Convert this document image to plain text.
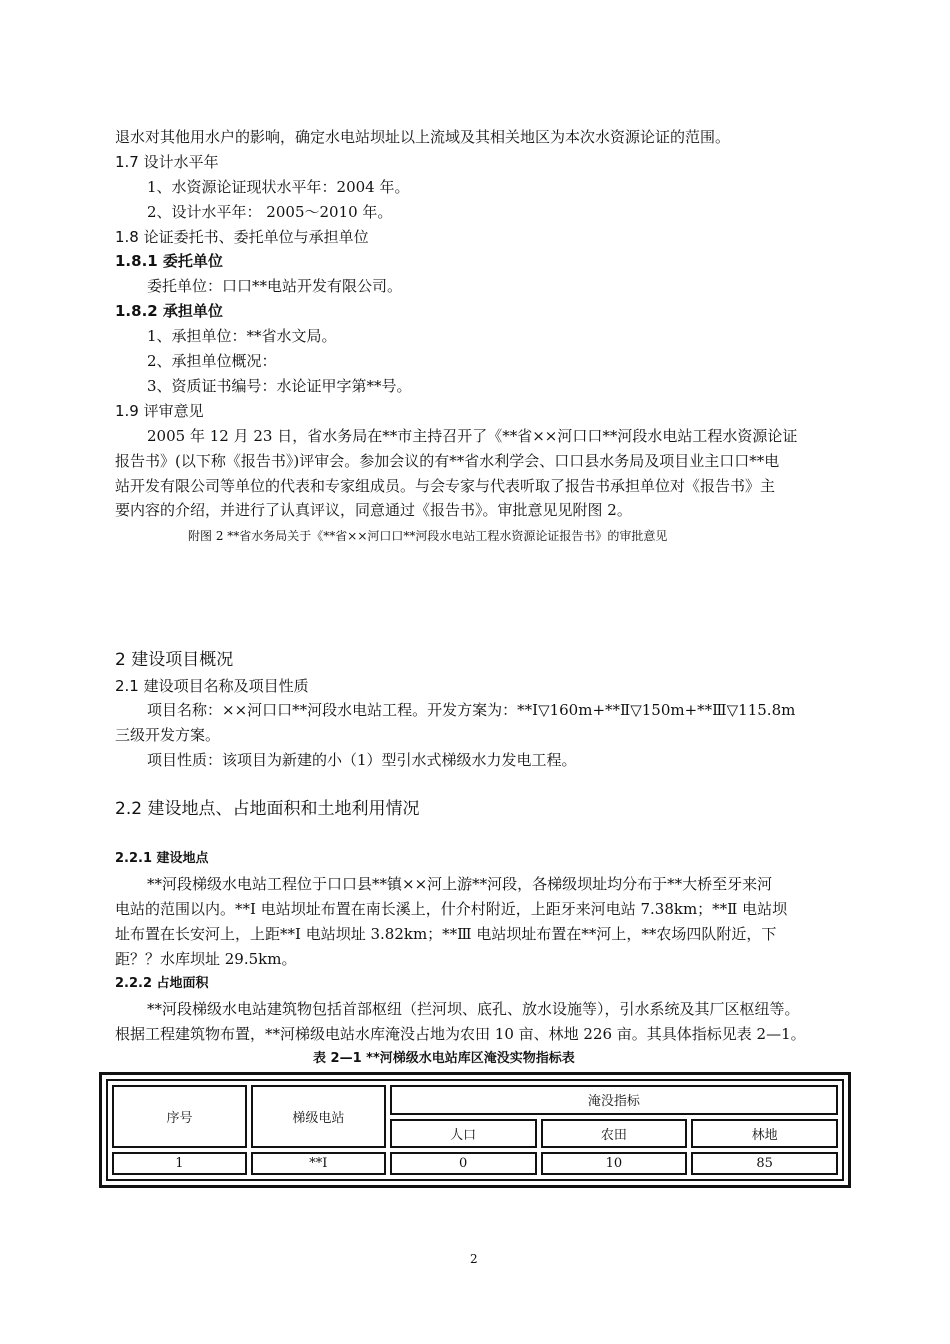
退水对其他用水户的影响，确定水电站坝址以上流域及其相关地区为本次水资源论证的范围。
1.7 设计水平年
1、水资源论证现状水平年：2004 年。
2、设计水平年： 2005～2010 年。
1.8 论证委托书、委托单位与承担单位
1.8.1 委托单位
委托单位：口口**电站开发有限公司。
1.8.2 承担单位
1、承担单位：**省水文局。
2、承担单位概况：
3、资质证书编号：水论证甲字第**号。
1.9 评审意见
2005 年 12 月 23 日，省水务局在**市主持召开了《**省××河口口**河段水电站工程水资源论证
报告书》(以下称《报告书》)评审会。参加会议的有**省水利学会、口口县水务局及项目业主口口**电
站开发有限公司等单位的代表和专家组成员。与会专家与代表听取了报告书承担单位对《报告书》主
要内容的介绍，并进行了认真评议，同意通过《报告书》。审批意见见附图 2。
附图 2 **省水务局关于《**省××河口口**河段水电站工程水资源论证报告书》的审批意见
2 建设项目概况
2.1 建设项目名称及项目性质
项目名称：××河口口**河段水电站工程。开发方案为：**Ⅰ▽160m+**Ⅱ▽150m+**Ⅲ▽115.8m
三级开发方案。
项目性质：该项目为新建的小（1）型引水式梯级水力发电工程。
2.2 建设地点、占地面积和土地利用情况
2.2.1 建设地点
**河段梯级水电站工程位于口口县**镇××河上游**河段，各梯级坝址均分布于**大桥至牙来河
电站的范围以内。**Ⅰ 电站坝址布置在南长溪上，什介村附近，上距牙来河电站 7.38km；**Ⅱ 电站坝
址布置在长安河上，上距**Ⅰ 电站坝址 3.82km；**Ⅲ 电站坝址布置在**河上，**农场四队附近，下
距？？水库坝址 29.5km。
2.2.2 占地面积
**河段梯级水电站建筑物包括首部枢纽（拦河坝、底孔、放水设施等），引水系统及其厂区枢纽等。
根据工程建筑物布置，**河梯级电站水库淹没占地为农田 10 亩、林地 226 亩。其具体指标见表 2—1。
表 2—1 **河梯级水电站库区淹没实物指标表
序号	梯级电站	淹没指标		
		人口	农田	林地
1	**Ⅰ	0	10	85
2
